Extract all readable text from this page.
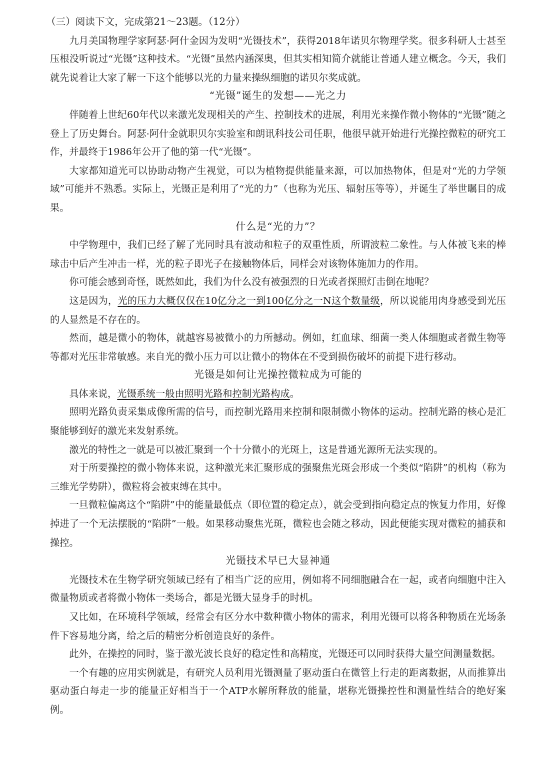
（三）阅读下文，完成第21～23题。（12分）

九月美国物理学家阿瑟·阿什金因为发明“光镊技术”，获得2018年诺贝尔物理学奖。很多科研人士甚至压根没听说过“光镊”这种技术。“光镊”虽然内涵深奥，但其实相知简介就能让普通人建立概念。今天，我们就先说着让大家了解一下这个能够以光的力量来操纵细胞的诺贝尔奖成就。

“光镊”诞生的发想——光之力

伴随着上世纪60年代以来激光发现相关的产生、控制技术的进展，利用光来操作微小物体的“光镊”随之登上了历史舞台。阿瑟·阿什金就职贝尔实验室和朗讯科技公司任职，他很早就开始进行光操控微粒的研究工作，并最终于1986年公开了他的第一代“光镊”。

大家都知道光可以协助动物产生视觉，可以为植物提供能量来源，可以加热物体，但是对“光的力学领域”可能并不熟悉。实际上，光镊正是利用了“光的力”（也称为光压、辐射压等等），并诞生了举世瞩目的成果。

什么是“光的力”？

中学物理中，我们已经了解了光同时具有波动和粒子的双重性质，所谓波粒二象性。与人体被飞来的棒球击中后产生冲击一样，光的粒子即光子在接触物体后，同样会对该物体施加力的作用。

你可能会感到奇怪，既然如此，我们为什么没有被强烈的日光或者探照灯击倒在地呢？

这是因为，光的压力大概仅仅在10亿分之一到100亿分之一N这个数量级，所以说能用肉身感受到光压的人显然是不存在的。

然而，越是微小的物体，就越容易被微小的力所撼动。例如，红血球、细菌一类人体细胞或者微生物等等都对光压非常敏感。来自光的微小压力可以让微小的物体在不受到损伤破坏的前提下进行移动。

光镊是如何让光操控微粒成为可能的

具体来说，光镊系统一般由照明光路和控制光路构成。

照明光路负责采集成像所需的信号，而控制光路用来控制和限制微小物体的运动。控制光路的核心是汇聚能够到好的激光来发射系统。

激光的特性之一就是可以被汇聚到一个十分微小的光斑上，这是普通光源所无法实现的。

对于所要操控的微小物体来说，这种激光来汇聚形成的强聚焦光斑会形成一个类似“陷阱”的机构（称为三维光学势阱），微粒将会被束缚在其中。

一旦微粒偏离这个“陷阱”中的能量最低点（即位置的稳定点），就会受到指向稳定点的恢复力作用，好像掉进了一个无法摆脱的“陷阱”一般。如果移动聚焦光斑，微粒也会随之移动，因此便能实现对微粒的捕获和操控。

光镊技术早已大显神通

光镊技术在生物学研究领域已经有了相当广泛的应用，例如将不同细胞融合在一起，或者向细胞中注入微量物质或者将微小物体一类场合，都是光镊大显身手的时机。

又比如，在环境科学领域，经常会有区分水中数种微小物体的需求，利用光镊可以将各种物质在光场条件下容易地分离，给之后的精密分析创造良好的条件。

此外，在操控的同时，鉴于激光波长良好的稳定性和高精度，光镊还可以同时获得大量空间测量数据。

一个有趣的应用实例就是，有研究人员利用光镊测量了驱动蛋白在微管上行走的距离数据，从而推算出驱动蛋白每走一步的能量正好相当于一个ATP水解所释放的能量，堪称光镊操控性和测量性结合的绝好案例。
